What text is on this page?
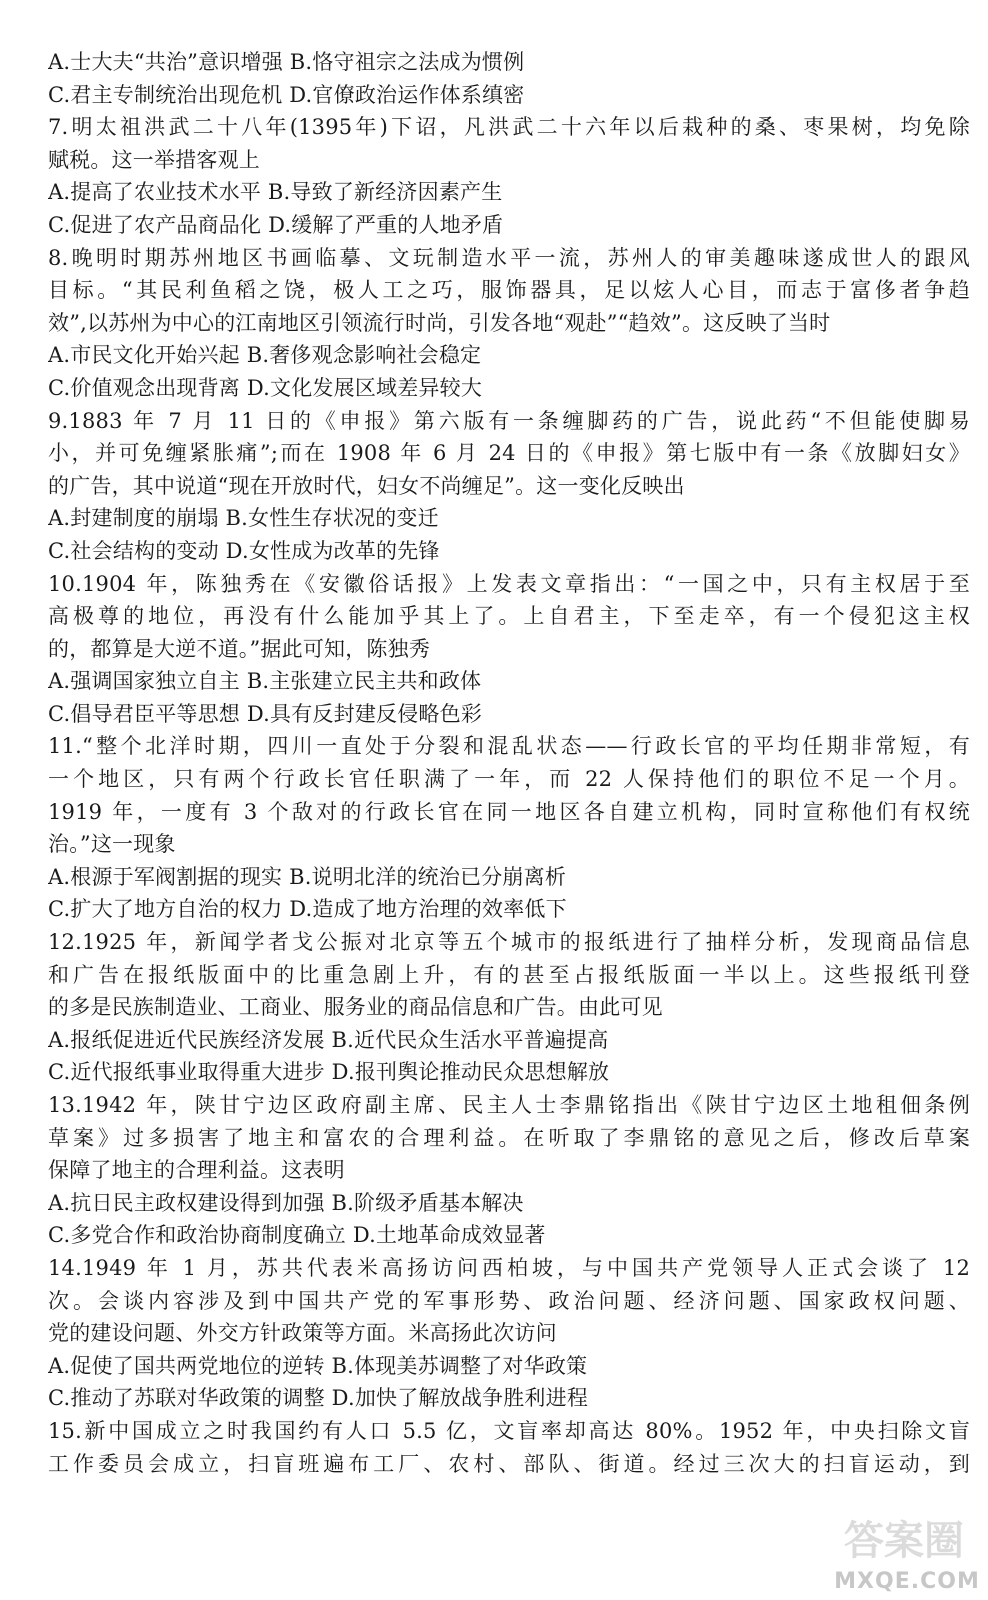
A.士大夫“共治”意识增强 B.恪守祖宗之法成为惯例
C.君主专制统治出现危机 D.官僚政治运作体系缜密
7.明太祖洪武二十八年(1395年)下诏，凡洪武二十六年以后栽种的桑、枣果树，均免除
赋税。这一举措客观上
A.提高了农业技术水平 B.导致了新经济因素产生
C.促进了农产品商品化 D.缓解了严重的人地矛盾
8.晚明时期苏州地区书画临摹、文玩制造水平一流，苏州人的审美趣味遂成世人的跟风
目标。“其民利鱼稻之饶，极人工之巧，服饰器具，足以炫人心目，而志于富侈者争趋
效”,以苏州为中心的江南地区引领流行时尚，引发各地“观赴”“趋效”。这反映了当时
A.市民文化开始兴起 B.奢侈观念影响社会稳定
C.价值观念出现背离 D.文化发展区域差异较大
9.1883 年 7 月 11 日的《申报》第六版有一条缠脚药的广告，说此药“不但能使脚易
小，并可免缠紧胀痛”;而在 1908 年 6 月 24 日的《申报》第七版中有一条《放脚妇女》
的广告，其中说道“现在开放时代，妇女不尚缠足”。这一变化反映出
A.封建制度的崩塌 B.女性生存状况的变迁
C.社会结构的变动 D.女性成为改革的先锋
10.1904 年，陈独秀在《安徽俗话报》上发表文章指出：“一国之中，只有主权居于至
高极尊的地位，再没有什么能加乎其上了。上自君主，下至走卒，有一个侵犯这主权
的，都算是大逆不道。”据此可知，陈独秀
A.强调国家独立自主 B.主张建立民主共和政体
C.倡导君臣平等思想 D.具有反封建反侵略色彩
11.“整个北洋时期，四川一直处于分裂和混乱状态——行政长官的平均任期非常短，有
一个地区，只有两个行政长官任职满了一年，而 22 人保持他们的职位不足一个月。
1919 年，一度有 3 个敌对的行政长官在同一地区各自建立机构，同时宣称他们有权统
治。”这一现象
A.根源于军阀割据的现实 B.说明北洋的统治已分崩离析
C.扩大了地方自治的权力 D.造成了地方治理的效率低下
12.1925 年，新闻学者戈公振对北京等五个城市的报纸进行了抽样分析，发现商品信息
和广告在报纸版面中的比重急剧上升，有的甚至占报纸版面一半以上。这些报纸刊登
的多是民族制造业、工商业、服务业的商品信息和广告。由此可见
A.报纸促进近代民族经济发展 B.近代民众生活水平普遍提高
C.近代报纸事业取得重大进步 D.报刊舆论推动民众思想解放
13.1942 年，陕甘宁边区政府副主席、民主人士李鼎铭指出《陕甘宁边区土地租佃条例
草案》过多损害了地主和富农的合理利益。在听取了李鼎铭的意见之后，修改后草案
保障了地主的合理利益。这表明
A.抗日民主政权建设得到加强 B.阶级矛盾基本解决
C.多党合作和政治协商制度确立 D.土地革命成效显著
14.1949 年 1 月，苏共代表米高扬访问西柏坡，与中国共产党领导人正式会谈了 12
次。会谈内容涉及到中国共产党的军事形势、政治问题、经济问题、国家政权问题、
党的建设问题、外交方针政策等方面。米高扬此次访问
A.促使了国共两党地位的逆转 B.体现美苏调整了对华政策
C.推动了苏联对华政策的调整 D.加快了解放战争胜利进程
15.新中国成立之时我国约有人口 5.5 亿，文盲率却高达 80%。1952 年，中央扫除文盲
工作委员会成立，扫盲班遍布工厂、农村、部队、街道。经过三次大的扫盲运动，到
答案圈
MXQE.COM
